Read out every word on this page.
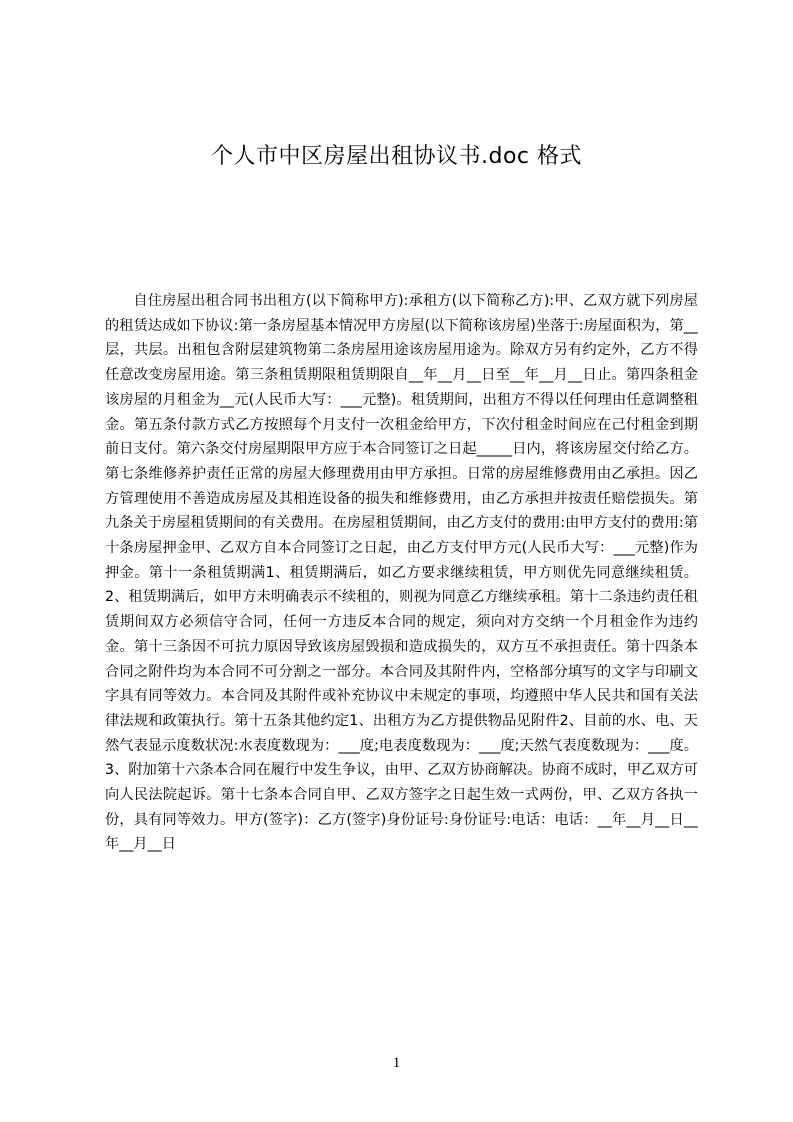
个人市中区房屋出租协议书.doc 格式

自住房屋出租合同书出租方(以下简称甲方):承租方(以下简称乙方):甲、乙双方就下列房屋的租赁达成如下协议:第一条房屋基本情况甲方房屋(以下简称该房屋)坐落于:房屋面积为，第__层，共层。出租包含附层建筑物第二条房屋用途该房屋用途为。除双方另有约定外，乙方不得任意改变房屋用途。第三条租赁期限租赁期限自__年__月__日至__年__月__日止。第四条租金该房屋的月租金为__元(人民币大写：___元整)。租赁期间，出租方不得以任何理由任意调整租金。第五条付款方式乙方按照每个月支付一次租金给甲方，下次付租金时间应在己付租金到期前日支付。第六条交付房屋期限甲方应于本合同签订之日起_____日内，将该房屋交付给乙方。第七条维修养护责任正常的房屋大修理费用由甲方承担。日常的房屋维修费用由乙承担。因乙方管理使用不善造成房屋及其相连设备的损失和维修费用，由乙方承担并按责任赔偿损失。第九条关于房屋租赁期间的有关费用。在房屋租赁期间，由乙方支付的费用:由甲方支付的费用:第十条房屋押金甲、乙双方自本合同签订之日起，由乙方支付甲方元(人民币大写：___元整)作为押金。第十一条租赁期满1、租赁期满后，如乙方要求继续租赁，甲方则优先同意继续租赁。2、租赁期满后，如甲方未明确表示不续租的，则视为同意乙方继续承租。第十二条违约责任租赁期间双方必须信守合同，任何一方违反本合同的规定，须向对方交纳一个月租金作为违约金。第十三条因不可抗力原因导致该房屋毁损和造成损失的，双方互不承担责任。第十四条本合同之附件均为本合同不可分割之一部分。本合同及其附件内，空格部分填写的文字与印刷文字具有同等效力。本合同及其附件或补充协议中未规定的事项，均遵照中华人民共和国有关法律法规和政策执行。第十五条其他约定1、出租方为乙方提供物品见附件2、目前的水、电、天然气表显示度数状况:水表度数现为：___度;电表度数现为：___度;天然气表度数现为：___度。3、附加第十六条本合同在履行中发生争议，由甲、乙双方协商解决。协商不成时，甲乙双方可向人民法院起诉。第十七条本合同自甲、乙双方签字之日起生效一式两份，甲、乙双方各执一份，具有同等效力。甲方(签字)：乙方(签字)身份证号:身份证号:电话：电话：__年__月__日__年__月__日

1
